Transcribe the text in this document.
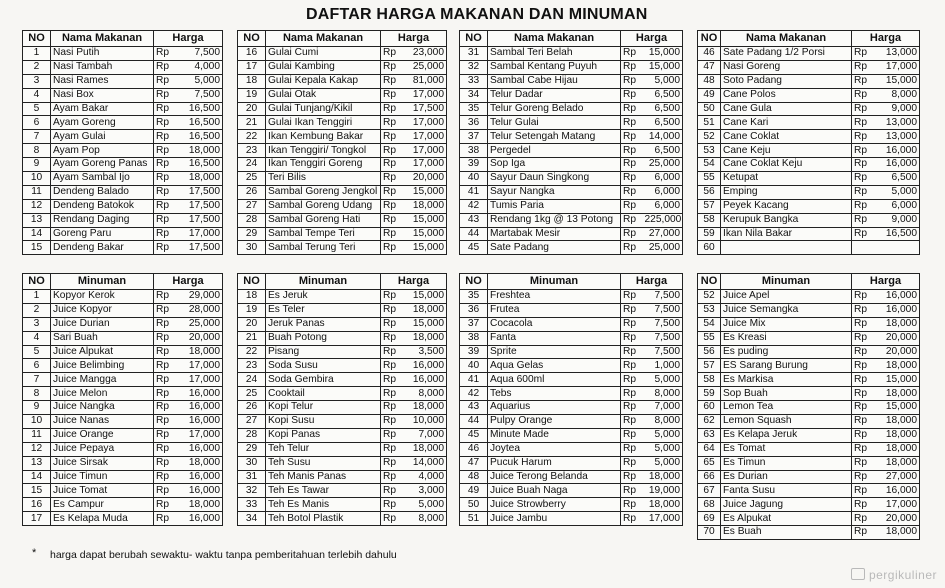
DAFTAR HARGA MAKANAN DAN MINUMAN
NO	Nama Makanan	Harga	
1	Nasi Putih	Rp	7,500
2	Nasi Tambah	Rp	4,000
3	Nasi Rames	Rp	5,000
4	Nasi Box	Rp	7,500
5	Ayam Bakar	Rp	16,500
6	Ayam Goreng	Rp	16,500
7	Ayam Gulai	Rp	16,500
8	Ayam Pop	Rp	18,000
9	Ayam Goreng Panas	Rp	16,500
10	Ayam Sambal Ijo	Rp	18,000
11	Dendeng Balado	Rp	17,500
12	Dendeng Batokok	Rp	17,500
13	Rendang Daging	Rp	17,500
14	Goreng Paru	Rp	17,000
15	Dendeng Bakar	Rp	17,500
NO	Nama Makanan	Harga	
16	Gulai Cumi	Rp	23,000
17	Gulai Kambing	Rp	25,000
18	Gulai Kepala Kakap	Rp	81,000
19	Gulai Otak	Rp	17,000
20	Gulai Tunjang/Kikil	Rp	17,500
21	Gulai Ikan Tenggiri	Rp	17,000
22	Ikan Kembung Bakar	Rp	17,000
23	Ikan Tenggiri/ Tongkol	Rp	17,000
24	Ikan Tenggiri Goreng	Rp	17,000
25	Teri Bilis	Rp	20,000
26	Sambal Goreng Jengkol	Rp	15,000
27	Sambal Goreng Udang	Rp	18,000
28	Sambal Goreng Hati	Rp	15,000
29	Sambal Tempe Teri	Rp	15,000
30	Sambal Terung Teri	Rp	15,000
NO	Nama Makanan	Harga	
31	Sambal Teri Belah	Rp	15,000
32	Sambal Kentang Puyuh	Rp	15,000
33	Sambal Cabe Hijau	Rp	5,000
34	Telur Dadar	Rp	6,500
35	Telur Goreng Belado	Rp	6,500
36	Telur Gulai	Rp	6,500
37	Telur Setengah Matang	Rp	14,000
38	Pergedel	Rp	6,500
39	Sop Iga	Rp	25,000
40	Sayur Daun Singkong	Rp	6,000
41	Sayur Nangka	Rp	6,000
42	Tumis Paria	Rp	6,000
43	Rendang 1kg @ 13 Potong	Rp	225,000
44	Martabak Mesir	Rp	27,000
45	Sate Padang	Rp	25,000
NO	Nama Makanan	Harga	
46	Sate Padang 1/2 Porsi	Rp	13,000
47	Nasi Goreng	Rp	17,000
48	Soto Padang	Rp	15,000
49	Cane Polos	Rp	8,000
50	Cane Gula	Rp	9,000
51	Cane Kari	Rp	13,000
52	Cane Coklat	Rp	13,000
53	Cane Keju	Rp	16,000
54	Cane Coklat Keju	Rp	16,000
55	Ketupat	Rp	6,500
56	Emping	Rp	5,000
57	Peyek Kacang	Rp	6,000
58	Kerupuk Bangka	Rp	9,000
59	Ikan Nila Bakar	Rp	16,500
60			
NO	Minuman	Harga	
1	Kopyor Kerok	Rp	29,000
2	Juice Kopyor	Rp	28,000
3	Juice Durian	Rp	25,000
4	Sari Buah	Rp	20,000
5	Juice Alpukat	Rp	18,000
6	Juice Belimbing	Rp	17,000
7	Juice Mangga	Rp	17,000
8	Juice Melon	Rp	16,000
9	Juice Nangka	Rp	16,000
10	Juice Nanas	Rp	16,000
11	Juice Orange	Rp	17,000
12	Juice Pepaya	Rp	16,000
13	Juice Sirsak	Rp	18,000
14	Juice Timun	Rp	16,000
15	Juice Tomat	Rp	16,000
16	Es Campur	Rp	18,000
17	Es Kelapa Muda	Rp	16,000
NO	Minuman	Harga	
18	Es Jeruk	Rp	15,000
19	Es Teler	Rp	18,000
20	Jeruk Panas	Rp	15,000
21	Buah Potong	Rp	18,000
22	Pisang	Rp	3,500
23	Soda Susu	Rp	16,000
24	Soda Gembira	Rp	16,000
25	Cooktail	Rp	8,000
26	Kopi Telur	Rp	18,000
27	Kopi Susu	Rp	10,000
28	Kopi Panas	Rp	7,000
29	Teh Telur	Rp	18,000
30	Teh Susu	Rp	14,000
31	Teh Manis Panas	Rp	4,000
32	Teh Es Tawar	Rp	3,000
33	Teh Es Manis	Rp	5,000
34	Teh Botol Plastik	Rp	8,000
NO	Minuman	Harga	
35	Freshtea	Rp	7,500
36	Frutea	Rp	7,500
37	Cocacola	Rp	7,500
38	Fanta	Rp	7,500
39	Sprite	Rp	7,500
40	Aqua Gelas	Rp	1,000
41	Aqua 600ml	Rp	5,000
42	Tebs	Rp	8,000
43	Aquarius	Rp	7,000
44	Pulpy Orange	Rp	8,000
45	Minute Made	Rp	5,000
46	Joytea	Rp	5,000
47	Pucuk Harum	Rp	5,000
48	Juice Terong Belanda	Rp	18,000
49	Juice Buah Naga	Rp	19,000
50	Juice Strowberry	Rp	18,000
51	Juice Jambu	Rp	17,000
NO	Minuman	Harga	
52	Juice Apel	Rp	16,000
53	Juice Semangka	Rp	16,000
54	Juice Mix	Rp	18,000
55	Es Kreasi	Rp	20,000
56	Es puding	Rp	20,000
57	ES Sarang Burung	Rp	18,000
58	Es Markisa	Rp	15,000
59	Sop Buah	Rp	18,000
60	Lemon Tea	Rp	15,000
62	Lemon Squash	Rp	18,000
63	Es Kelapa Jeruk	Rp	18,000
64	Es Tomat	Rp	18,000
65	Es Timun	Rp	18,000
66	Es Durian	Rp	27,000
67	Fanta Susu	Rp	16,000
68	Juice Jagung	Rp	17,000
69	Es Alpukat	Rp	20,000
70	Es Buah	Rp	18,000
*	harga dapat berubah sewaktu- waktu tanpa pemberitahuan terlebih dahulu
pergikuliner
